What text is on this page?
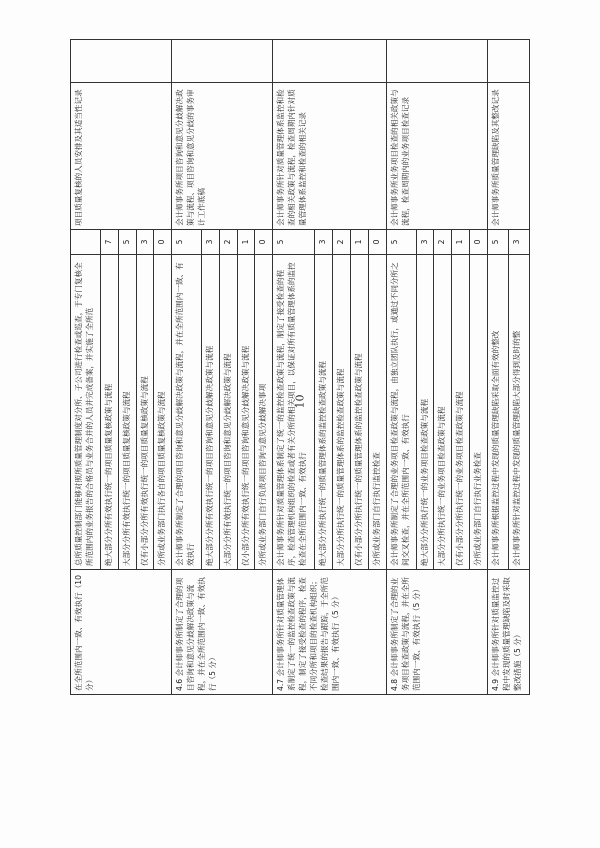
在全所范围内一致、有效执行（10 分）	总所质量控制部门能够对照所质量管理制度对分所、子公司进行检查或巡查，于专门复核全所范围内的业务报告的合格员与业务合并的人员并完成备案，并实施了全所范		项目质量复核的人员安排及其适当性记录	
	绝大部分分所有效执行统一的项目质量复核政策与流程	7		
	大部分分所有效执行统一的项目质量复核政策与流程	5		
	仅有小部分分所有效执行统一的项目质量复核政策与流程	3		
	分所或业务部门执行各自的项目质量复核政策与流程	0		
4.6 会计师事务所制定了合理的项目咨询和意见分歧解决政策与流程，并在全所范围内一致、有效执行（5 分）	会计师事务所制定了合理的项目咨询和意见分歧解决政策与流程，并在全所范围内一致、有效执行	5	会计师事务所项目咨询和意见分歧解决政策与流程、项目咨询和意见分歧的事务审计工作底稿	
	绝大部分分所有效执行统一的项目咨询和意见分歧解决政策与流程	3		
	大部分分所有效执行统一的项目咨询和意见分歧解决政策与流程	2		
	仅小部分分所有效执行统一的项目咨询和意见分歧解决政策与流程	1		
	分所或业务部门自行负责项目咨询与意见分歧解决事项	0		
4.7 会计师事务所针对质量管理体系制定了统一的监控检查政策与流程，制定了接受检查的程序，检查不同分所和项目的检查机构组织；检查结果的报告与跟踪，于全所范围内一致、有效执行（5 分）	会计师事务所针对质量管理体系制定了统一的监控检查政策与流程，制定了接受检查的程序，检查管理机构组织的检查或者有关分所的相关项目，以保证对所有质量管理体系的监控检查在全所范围内一致、有效执行	5	会计师事务所针对质量管理体系监控和检查的相关政策与流程，检查周期内针对质量管理体系监控和检查的相关记录	
	绝大部分分所执行统一的质量管理体系的监控检查政策与流程	3		
	大部分分所执行统一的质量管理体系的监控检查政策与流程	2		
	仅有小部分分所执行统一的质量管理体系的监控检查政策与流程	1		
	分所或业务部门自行执行监控检查	0		
4.8 会计师事务所制定了合理的业务项目检查政策与流程，并在全所范围内一致、有效执行（5 分）	会计师事务所制定了合理的业务项目检查政策与流程，由独立团队执行，或通过不同分所之间交叉检查，并在全所范围内一致、有效执行	5	会计师事务所业务项目检查的相关政策与流程，检查周期内的业务项目检查记录	
	绝大部分分所执行统一的业务项目检查政策与流程	3		
	大部分分所执行统一的业务项目检查政策与流程	2		
	仅有小部分分所执行统一的业务项目检查政策与流程	1		
	分所或业务部门自行执行业务检查	0		
4.9 会计师事务所针对质量监控过程中发现的质量管理缺陷及时采取整改措施（5 分）	会计师事务所根据监控过程中发现的质量管理缺陷采取全面有效的整改	5	会计师事务所质量管理缺陷及其整改记录	
	会计师事务所针对监控过程中发现的质量管理缺陷大部分得到及时的整	3		
10
